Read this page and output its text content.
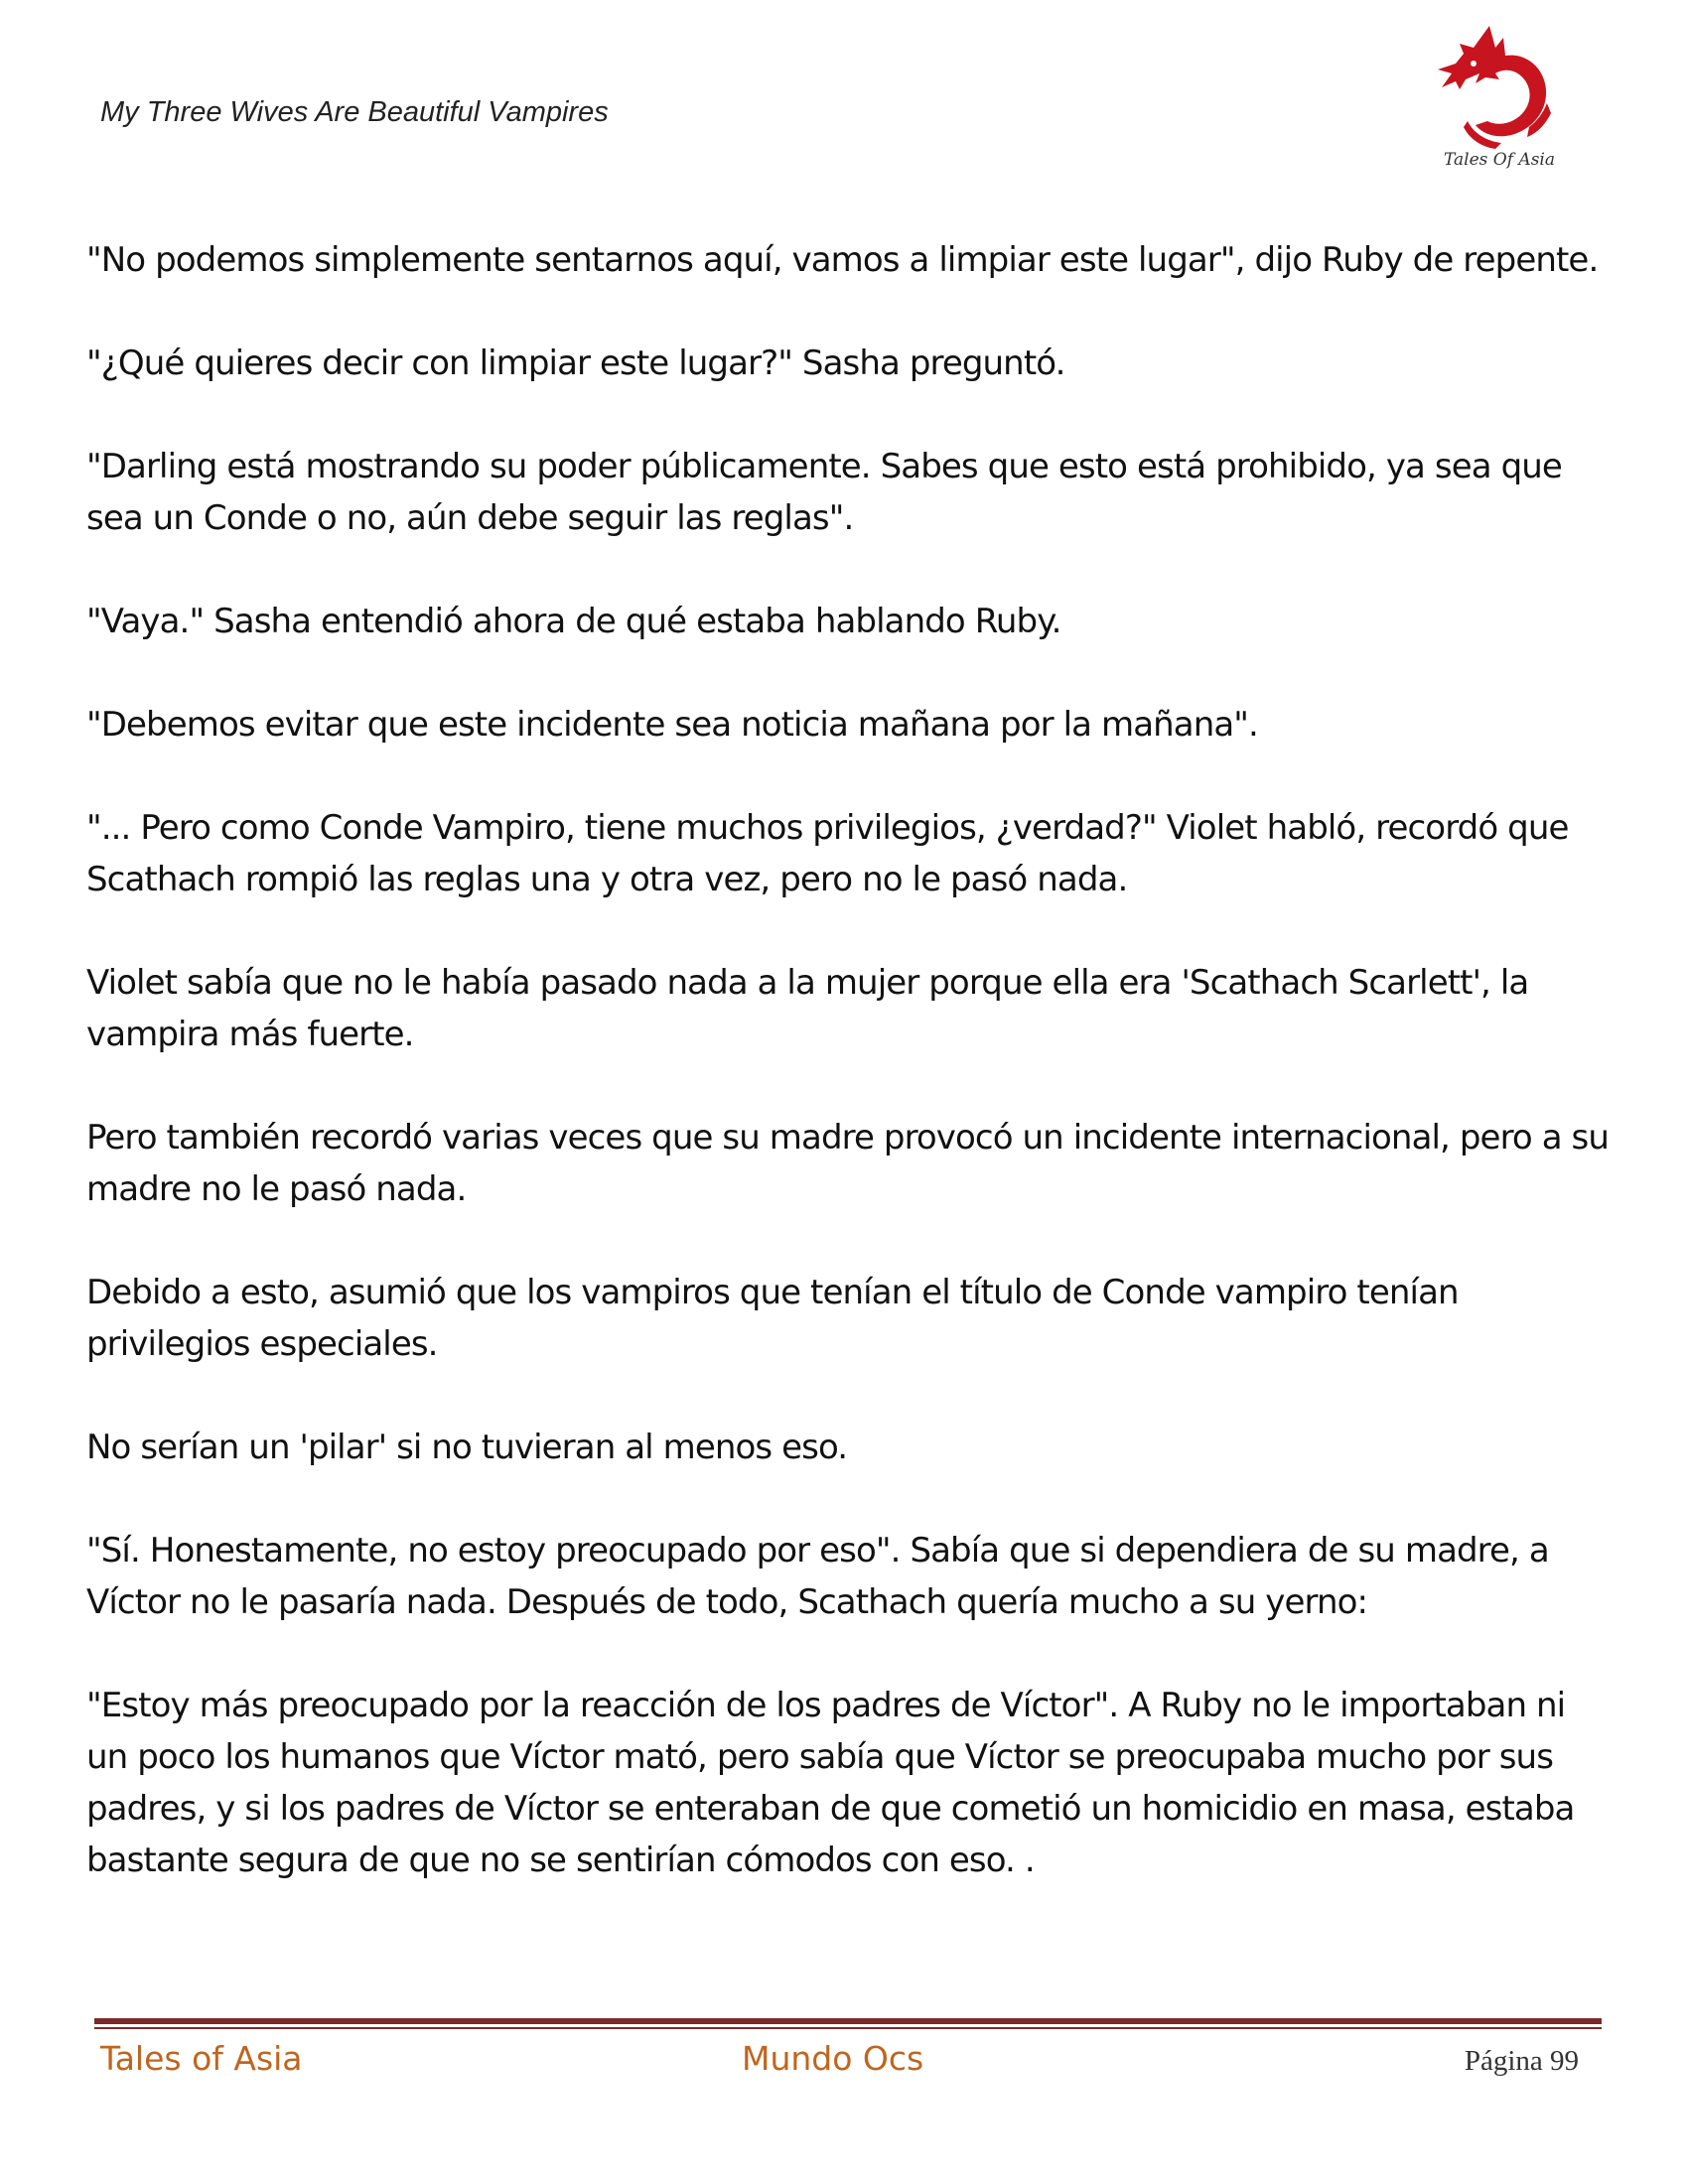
My Three Wives Are Beautiful Vampires
Tales Of Asia

"No podemos simplemente sentarnos aquí, vamos a limpiar este lugar", dijo Ruby de repente.

"¿Qué quieres decir con limpiar este lugar?" Sasha preguntó.

"Darling está mostrando su poder públicamente. Sabes que esto está prohibido, ya sea que sea un Conde o no, aún debe seguir las reglas".

"Vaya." Sasha entendió ahora de qué estaba hablando Ruby.

"Debemos evitar que este incidente sea noticia mañana por la mañana".

"... Pero como Conde Vampiro, tiene muchos privilegios, ¿verdad?" Violet habló, recordó que Scathach rompió las reglas una y otra vez, pero no le pasó nada.

Violet sabía que no le había pasado nada a la mujer porque ella era 'Scathach Scarlett', la vampira más fuerte.

Pero también recordó varias veces que su madre provocó un incidente internacional, pero a su madre no le pasó nada.

Debido a esto, asumió que los vampiros que tenían el título de Conde vampiro tenían privilegios especiales.

No serían un 'pilar' si no tuvieran al menos eso.

"Sí. Honestamente, no estoy preocupado por eso". Sabía que si dependiera de su madre, a Víctor no le pasaría nada. Después de todo, Scathach quería mucho a su yerno:

"Estoy más preocupado por la reacción de los padres de Víctor". A Ruby no le importaban ni un poco los humanos que Víctor mató, pero sabía que Víctor se preocupaba mucho por sus padres, y si los padres de Víctor se enteraban de que cometió un homicidio en masa, estaba bastante segura de que no se sentirían cómodos con eso. .

Tales of Asia	Mundo Ocs	Página 99
